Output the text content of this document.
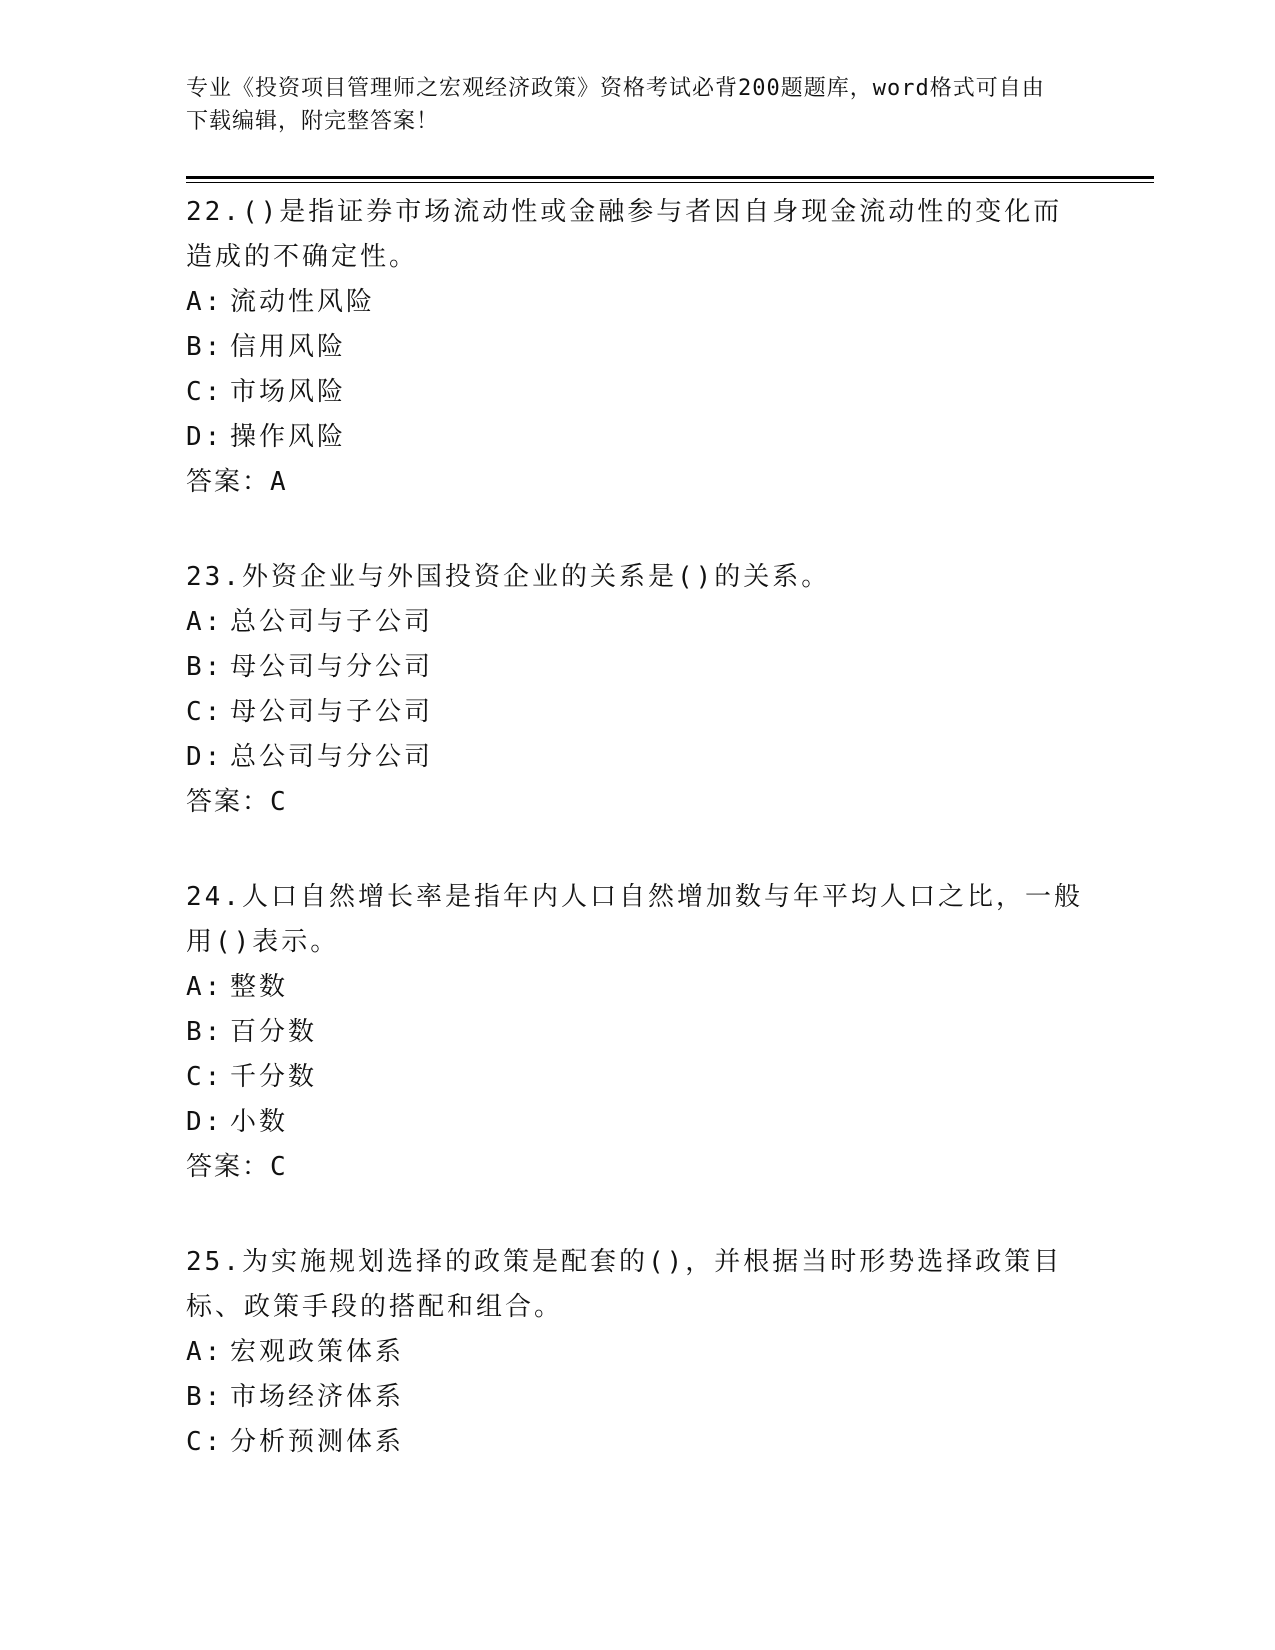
专业《投资项目管理师之宏观经济政策》资格考试必背200题题库，word格式可自由下载编辑，附完整答案！

22.()是指证券市场流动性或金融参与者因自身现金流动性的变化而造成的不确定性。

A: 流动性风险
B: 信用风险
C: 市场风险
D: 操作风险

答案：A

23.外资企业与外国投资企业的关系是()的关系。

A: 总公司与子公司
B: 母公司与分公司
C: 母公司与子公司
D: 总公司与分公司

答案：C

24.人口自然增长率是指年内人口自然增加数与年平均人口之比，一般用()表示。

A: 整数
B: 百分数
C: 千分数
D: 小数

答案：C

25.为实施规划选择的政策是配套的()，并根据当时形势选择政策目标、政策手段的搭配和组合。

A: 宏观政策体系
B: 市场经济体系
C: 分析预测体系
